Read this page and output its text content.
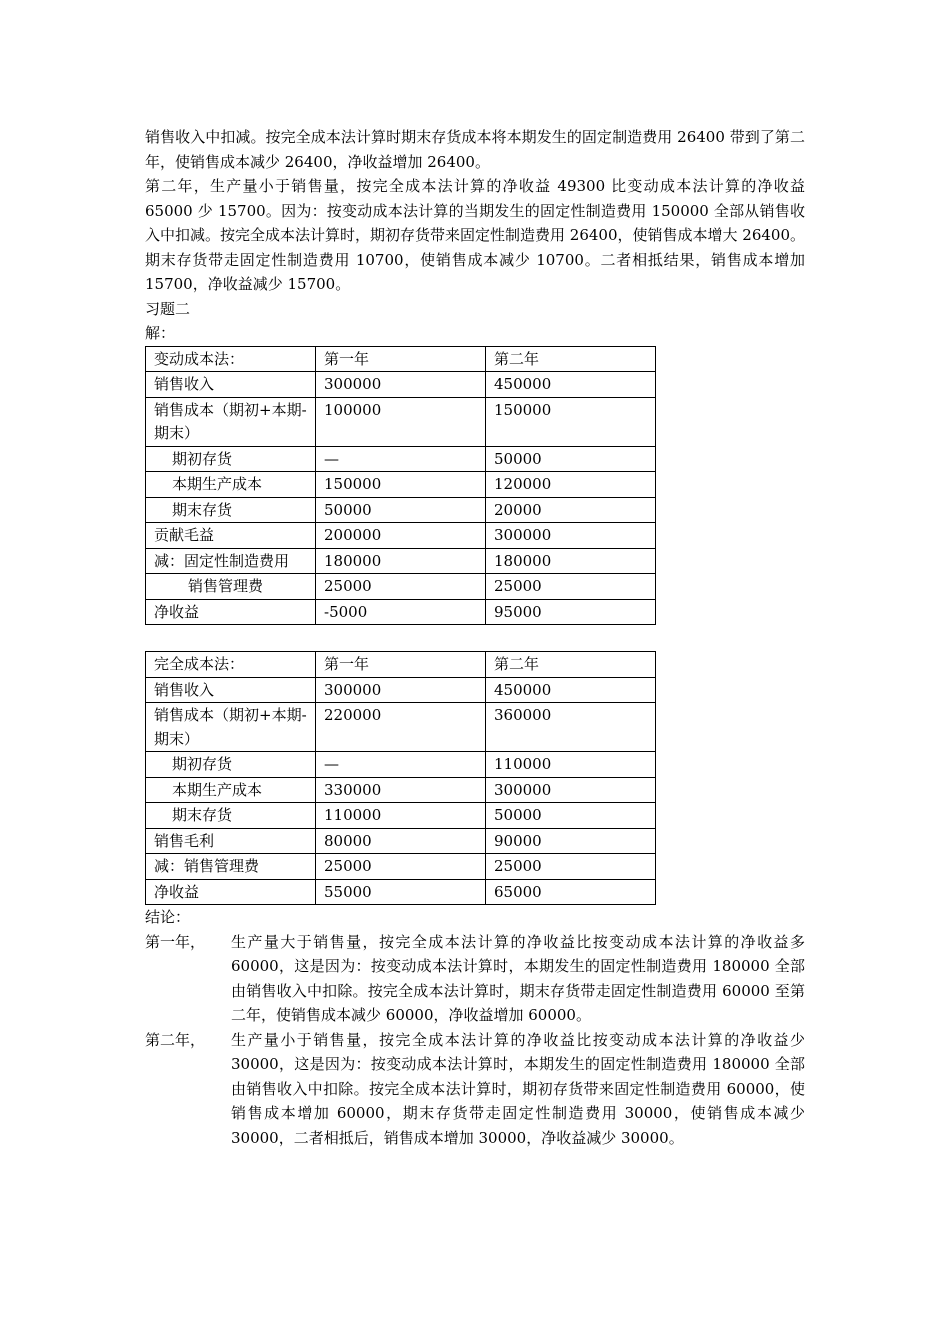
销售收入中扣减。按完全成本法计算时期末存货成本将本期发生的固定制造费用 26400 带到了第二年，使销售成本减少 26400，净收益增加 26400。

第二年，生产量小于销售量，按完全成本法计算的净收益 49300 比变动成本法计算的净收益 65000 少 15700。因为：按变动成本法计算的当期发生的固定性制造费用 150000 全部从销售收入中扣减。按完全成本法计算时，期初存货带来固定性制造费用 26400，使销售成本增大 26400。期末存货带走固定性制造费用 10700，使销售成本减少 10700。二者相抵结果，销售成本增加 15700，净收益减少 15700。

习题二

解：

变动成本法：	第一年	第二年
销售收入	300000	450000
销售成本（期初+本期-期末）	100000	150000
期初存货	—	50000
本期生产成本	150000	120000
期末存货	50000	20000
贡献毛益	200000	300000
减：固定性制造费用	180000	180000
销售管理费	25000	25000
净收益	-5000	95000
完全成本法：	第一年	第二年
销售收入	300000	450000
销售成本（期初+本期-期末）	220000	360000
期初存货	—	110000
本期生产成本	330000	300000
期末存货	110000	50000
销售毛利	80000	90000
减：销售管理费	25000	25000
净收益	55000	65000

结论：

第一年，	生产量大于销售量，按完全成本法计算的净收益比按变动成本法计算的净收益多 60000，这是因为：按变动成本法计算时，本期发生的固定性制造费用 180000 全部由销售收入中扣除。按完全成本法计算时，期末存货带走固定性制造费用 60000 至第二年，使销售成本减少 60000，净收益增加 60000。

第二年，	生产量小于销售量，按完全成本法计算的净收益比按变动成本法计算的净收益少 30000，这是因为：按变动成本法计算时，本期发生的固定性制造费用 180000 全部由销售收入中扣除。按完全成本法计算时，期初存货带来固定性制造费用 60000，使销售成本增加 60000，期末存货带走固定性制造费用 30000，使销售成本减少 30000，二者相抵后，销售成本增加 30000，净收益减少 30000。
